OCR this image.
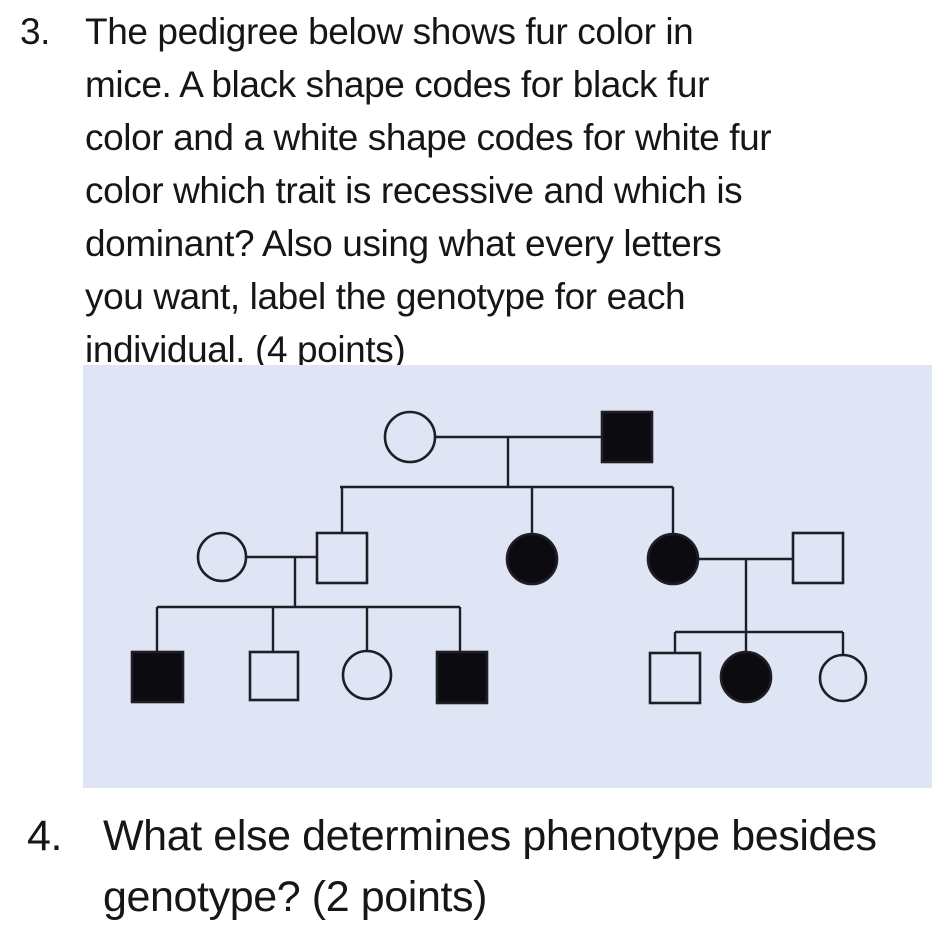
3. The pedigree below shows fur color in
mice. A black shape codes for black fur
color and a white shape codes for white fur
color which trait is recessive and which is
dominant? Also using what every letters
you want, label the genotype for each
individual. (4 points)
4. What else determines phenotype besides
genotype? (2 points)
